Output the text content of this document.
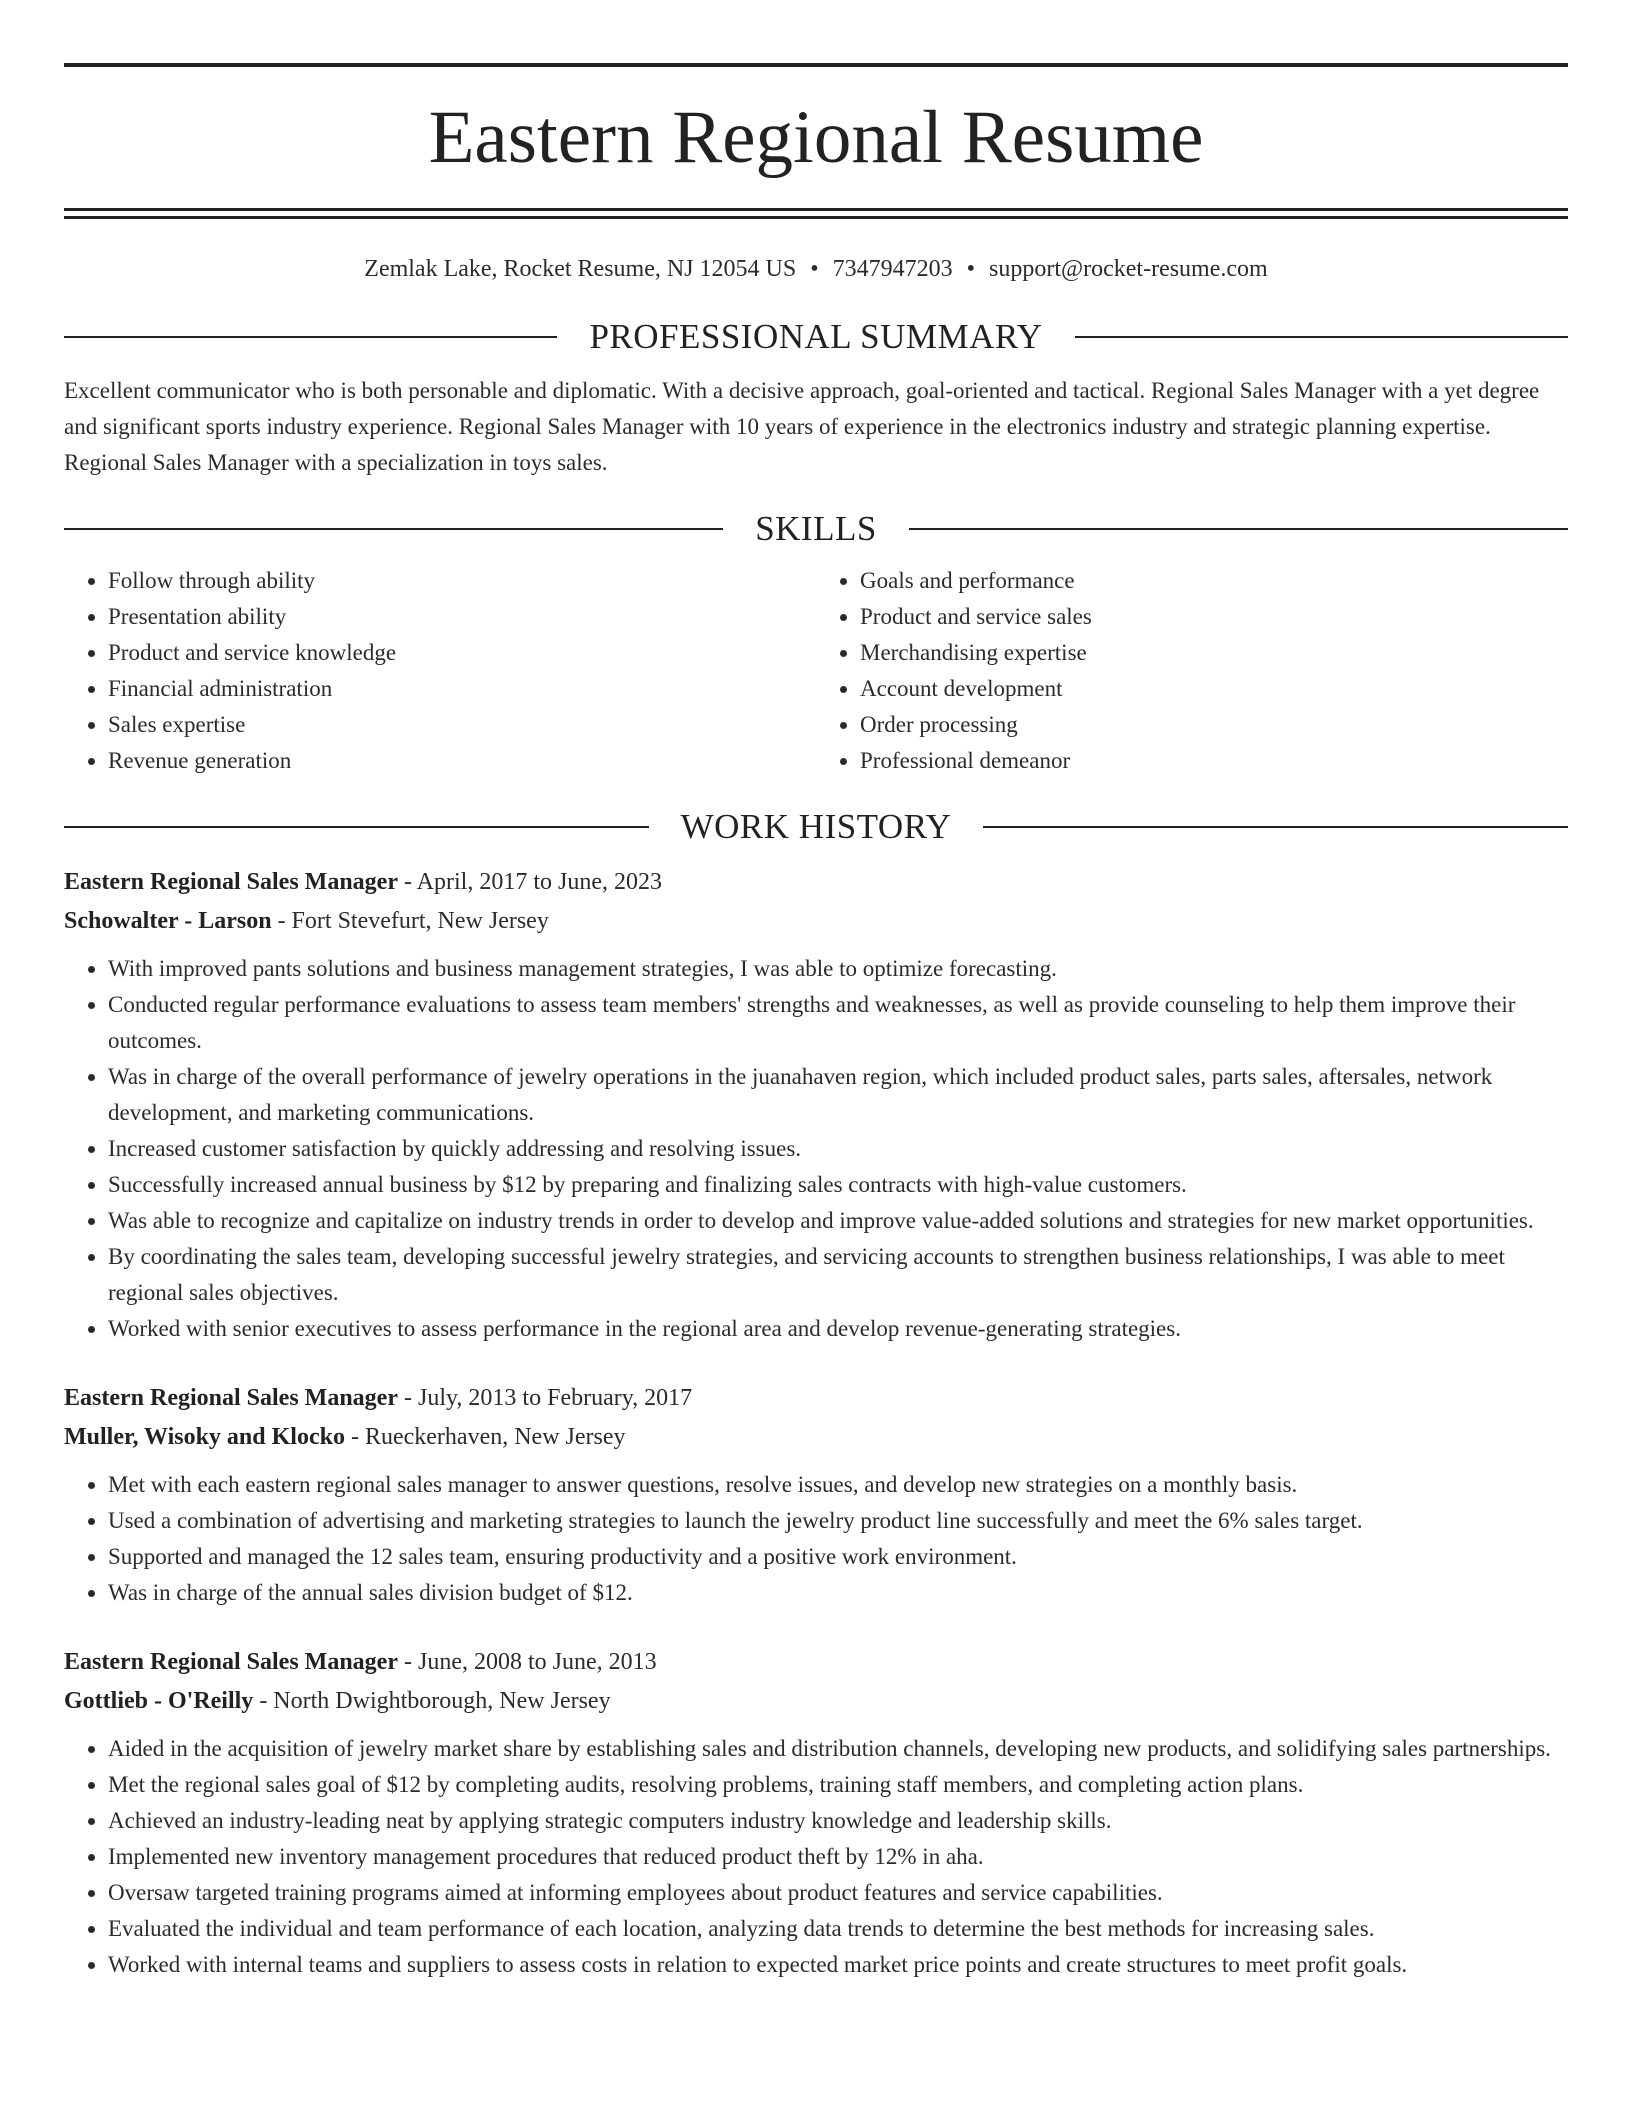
Eastern Regional Resume
Zemlak Lake, Rocket Resume, NJ 12054 US • 7347947203 • support@rocket-resume.com
PROFESSIONAL SUMMARY
Excellent communicator who is both personable and diplomatic. With a decisive approach, goal-oriented and tactical. Regional Sales Manager with a yet degree and significant sports industry experience. Regional Sales Manager with 10 years of experience in the electronics industry and strategic planning expertise. Regional Sales Manager with a specialization in toys sales.
SKILLS
• Follow through ability
• Presentation ability
• Product and service knowledge
• Financial administration
• Sales expertise
• Revenue generation
• Goals and performance
• Product and service sales
• Merchandising expertise
• Account development
• Order processing
• Professional demeanor
WORK HISTORY
Eastern Regional Sales Manager - April, 2017 to June, 2023
Schowalter - Larson - Fort Stevefurt, New Jersey
• With improved pants solutions and business management strategies, I was able to optimize forecasting.
• Conducted regular performance evaluations to assess team members' strengths and weaknesses, as well as provide counseling to help them improve their outcomes.
• Was in charge of the overall performance of jewelry operations in the juanahaven region, which included product sales, parts sales, aftersales, network development, and marketing communications.
• Increased customer satisfaction by quickly addressing and resolving issues.
• Successfully increased annual business by $12 by preparing and finalizing sales contracts with high-value customers.
• Was able to recognize and capitalize on industry trends in order to develop and improve value-added solutions and strategies for new market opportunities.
• By coordinating the sales team, developing successful jewelry strategies, and servicing accounts to strengthen business relationships, I was able to meet regional sales objectives.
• Worked with senior executives to assess performance in the regional area and develop revenue-generating strategies.
Eastern Regional Sales Manager - July, 2013 to February, 2017
Muller, Wisoky and Klocko - Rueckerhaven, New Jersey
• Met with each eastern regional sales manager to answer questions, resolve issues, and develop new strategies on a monthly basis.
• Used a combination of advertising and marketing strategies to launch the jewelry product line successfully and meet the 6% sales target.
• Supported and managed the 12 sales team, ensuring productivity and a positive work environment.
• Was in charge of the annual sales division budget of $12.
Eastern Regional Sales Manager - June, 2008 to June, 2013
Gottlieb - O'Reilly - North Dwightborough, New Jersey
• Aided in the acquisition of jewelry market share by establishing sales and distribution channels, developing new products, and solidifying sales partnerships.
• Met the regional sales goal of $12 by completing audits, resolving problems, training staff members, and completing action plans.
• Achieved an industry-leading neat by applying strategic computers industry knowledge and leadership skills.
• Implemented new inventory management procedures that reduced product theft by 12% in aha.
• Oversaw targeted training programs aimed at informing employees about product features and service capabilities.
• Evaluated the individual and team performance of each location, analyzing data trends to determine the best methods for increasing sales.
• Worked with internal teams and suppliers to assess costs in relation to expected market price points and create structures to meet profit goals.
